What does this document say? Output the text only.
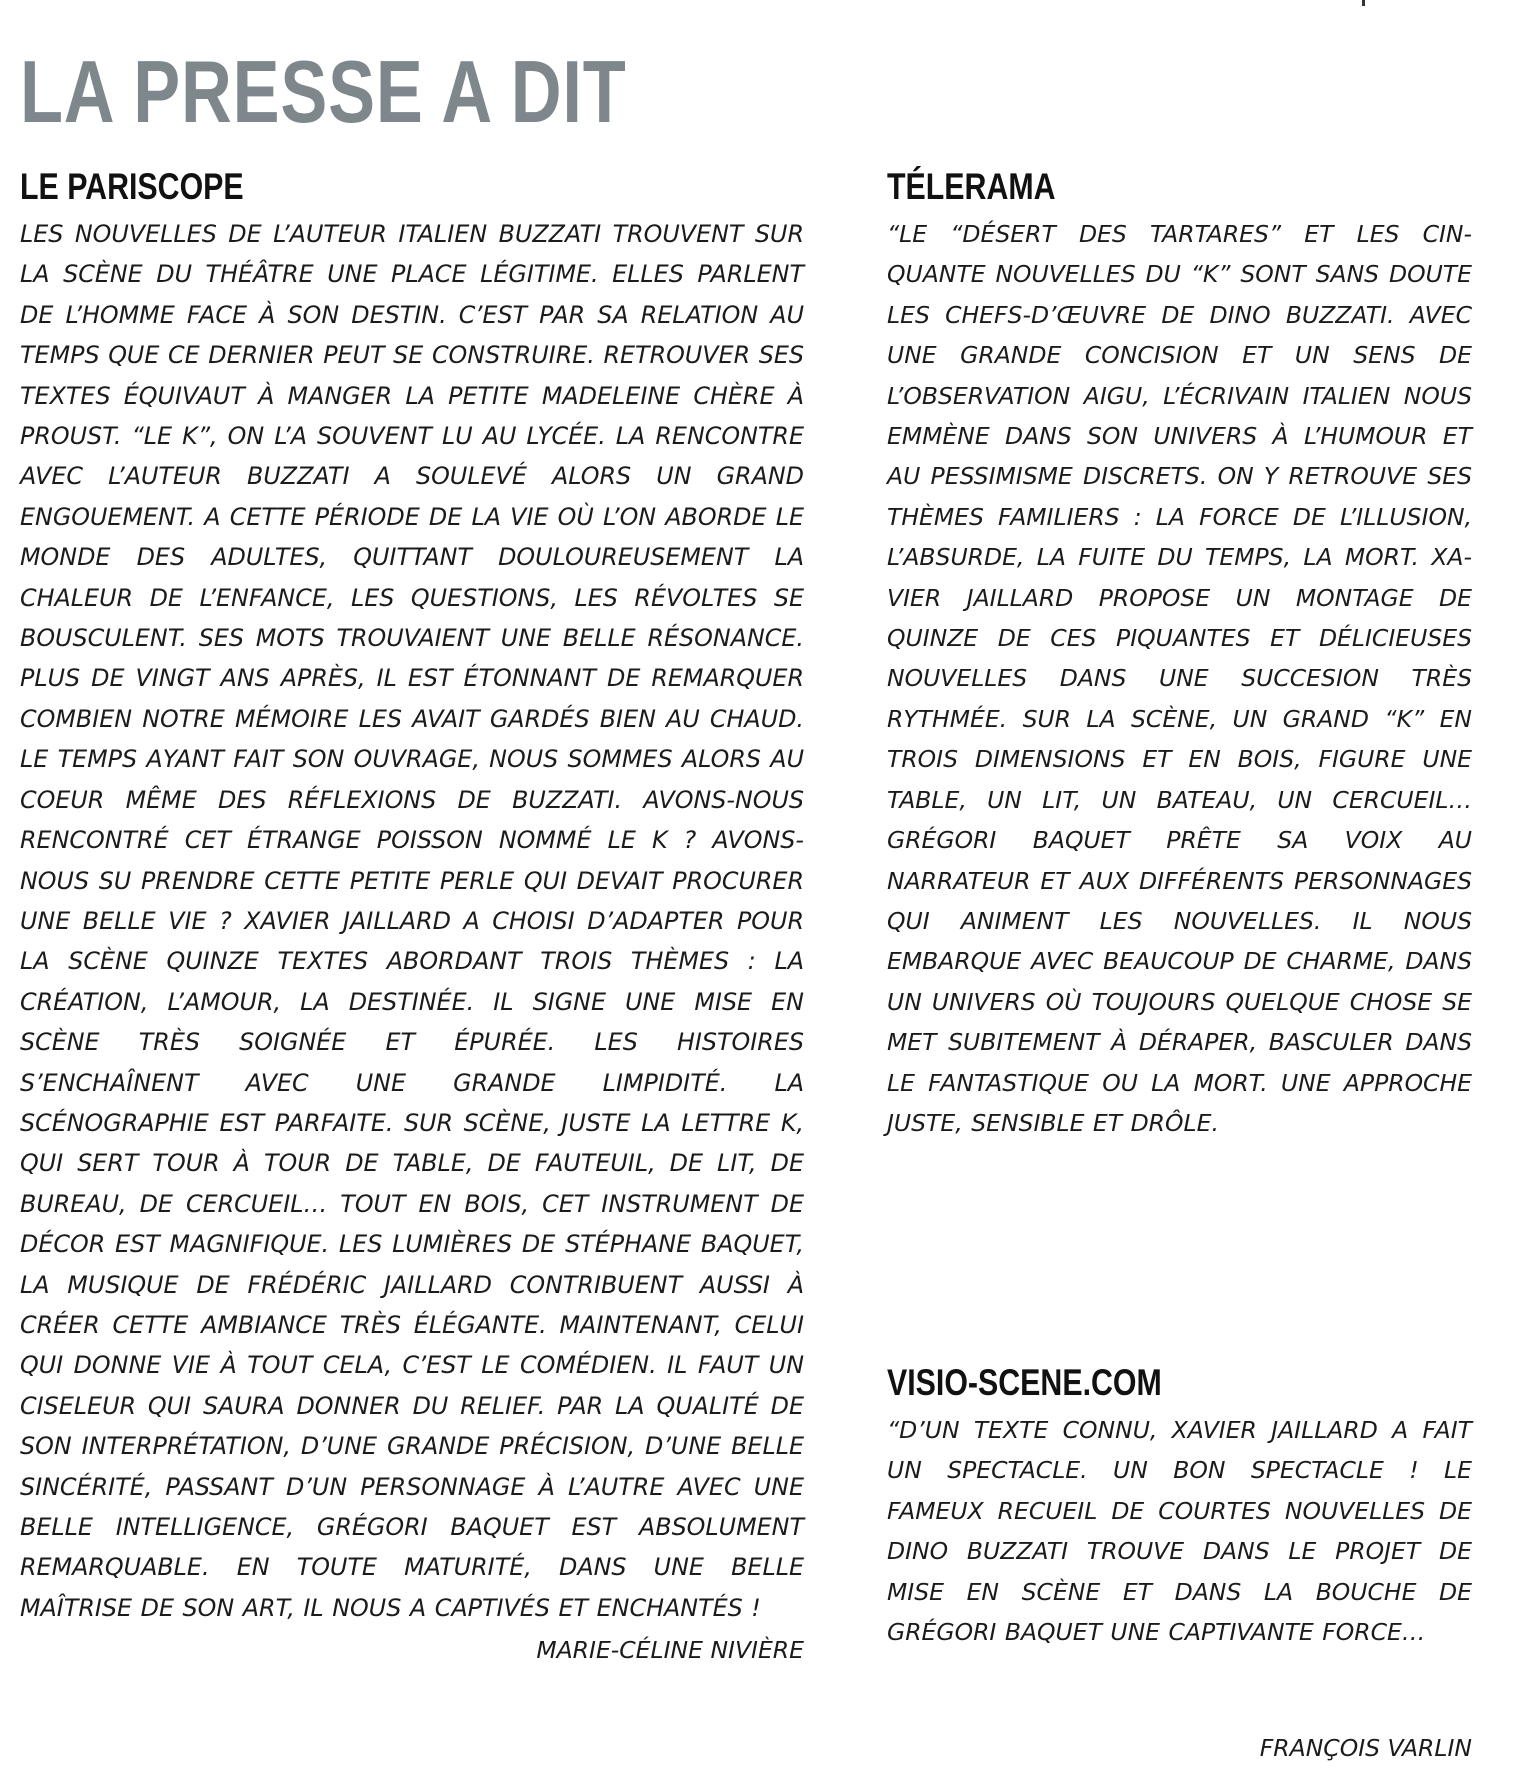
LA PRESSE A DIT
LE PARISCOPE

LES NOUVELLES DE L’AUTEUR ITALIEN BUZZATI TROUVENT SUR LA SCÈNE DU THÉÂTRE UNE PLACE LÉGITIME. ELLES PARLENT DE L’HOMME FACE À SON DESTIN. C’EST PAR SA RELATION AU TEMPS QUE CE DERNIER PEUT SE CONSTRUIRE. RETROUVER SES TEXTES ÉQUIVAUT À MANGER LA PETITE MADELEINE CHÈRE À PROUST. “LE K”, ON L’A SOUVENT LU AU LYCÉE. LA RENCONTRE AVEC L’AUTEUR BUZZATI A SOULEVÉ ALORS UN GRAND ENGOUEMENT. A CETTE PÉRIODE DE LA VIE OÙ L’ON ABORDE LE MONDE DES ADULTES, QUITTANT DOULOUREUSEMENT LA CHALEUR DE L’ENFANCE, LES QUESTIONS, LES RÉVOLTES SE BOUSCULENT. SES MOTS TROUVAIENT UNE BELLE RÉSONANCE. PLUS DE VINGT ANS APRÈS, IL EST ÉTONNANT DE REMARQUER COMBIEN NOTRE MÉMOIRE LES AVAIT GARDÉS BIEN AU CHAUD. LE TEMPS AYANT FAIT SON OUVRAGE, NOUS SOMMES ALORS AU COEUR MÊME DES RÉFLEXIONS DE BUZZATI. AVONS-NOUS RENCONTRÉ CET ÉTRANGE POISSON NOMMÉ LE K ? AVONS-NOUS SU PRENDRE CETTE PETITE PERLE QUI DEVAIT PROCURER UNE BELLE VIE ? XAVIER JAILLARD A CHOISI D’ADAPTER POUR LA SCÈNE QUINZE TEXTES ABORDANT TROIS THÈMES : LA CRÉATION, L’AMOUR, LA DESTINÉE. IL SIGNE UNE MISE EN SCÈNE TRÈS SOIGNÉE ET ÉPURÉE. LES HISTOIRES S’ENCHAÎNENT AVEC UNE GRANDE LIMPIDITÉ. LA SCÉNOGRAPHIE EST PARFAITE. SUR SCÈNE, JUSTE LA LETTRE K, QUI SERT TOUR À TOUR DE TABLE, DE FAUTEUIL, DE LIT, DE BUREAU, DE CERCUEIL… TOUT EN BOIS, CET INSTRUMENT DE DÉCOR EST MAGNIFIQUE. LES LUMIÈRES DE STÉPHANE BAQUET, LA MUSIQUE DE FRÉDÉRIC JAILLARD CONTRIBUENT AUSSI À CRÉER CETTE AMBIANCE TRÈS ÉLÉGANTE. MAINTENANT, CELUI QUI DONNE VIE À TOUT CELA, C’EST LE COMÉDIEN. IL FAUT UN CISELEUR QUI SAURA DONNER DU RELIEF. PAR LA QUALITÉ DE SON INTERPRÉTATION, D’UNE GRANDE PRÉCISION, D’UNE BELLE SINCÉRITÉ, PASSANT D’UN PERSONNAGE À L’AUTRE AVEC UNE BELLE INTELLIGENCE, GRÉGORI BAQUET EST ABSOLUMENT REMARQUABLE. EN TOUTE MATURITÉ, DANS UNE BELLE MAÎTRISE DE SON ART, IL NOUS A CAPTIVÉS ET ENCHANTÉS !

MARIE-CÉLINE NIVIÈRE
TÉLERAMA

“LE “DÉSERT DES TARTARES” ET LES CINQUANTE NOUVELLES DU “K” SONT SANS DOUTE LES CHEFS-D’ŒUVRE DE DINO BUZZATI. AVEC UNE GRANDE CONCISION ET UN SENS DE L’OBSERVATION AIGU, L’ÉCRIVAIN ITALIEN NOUS EMMÈNE DANS SON UNIVERS À L’HUMOUR ET AU PESSIMISME DISCRETS. ON Y RETROUVE SES THÈMES FAMILIERS : LA FORCE DE L’ILLUSION, L’ABSURDE, LA FUITE DU TEMPS, LA MORT. XAVIER JAILLARD PROPOSE UN MONTAGE DE QUINZE DE CES PIQUANTES ET DÉLICIEUSES NOUVELLES DANS UNE SUCCESION TRÈS RYTHMÉE. SUR LA SCÈNE, UN GRAND “K” EN TROIS DIMENSIONS ET EN BOIS, FIGURE UNE TABLE, UN LIT, UN BATEAU, UN CERCUEIL… GRÉGORI BAQUET PRÊTE SA VOIX AU NARRATEUR ET AUX DIFFÉRENTS PERSONNAGES QUI ANIMENT LES NOUVELLES. IL NOUS EMBARQUE AVEC BEAUCOUP DE CHARME, DANS UN UNIVERS OÙ TOUJOURS QUELQUE CHOSE SE MET SUBITEMENT À DÉRAPER, BASCULER DANS LE FANTASTIQUE OU LA MORT. UNE APPROCHE JUSTE, SENSIBLE ET DRÔLE.

VISIO-SCENE.COM

“D’UN TEXTE CONNU, XAVIER JAILLARD A FAIT UN SPECTACLE. UN BON SPECTACLE ! LE FAMEUX RECUEIL DE COURTES NOUVELLES DE DINO BUZZATI TROUVE DANS LE PROJET DE MISE EN SCÈNE ET DANS LA BOUCHE DE GRÉGORI BAQUET UNE CAPTIVANTE FORCE…

FRANÇOIS VARLIN
